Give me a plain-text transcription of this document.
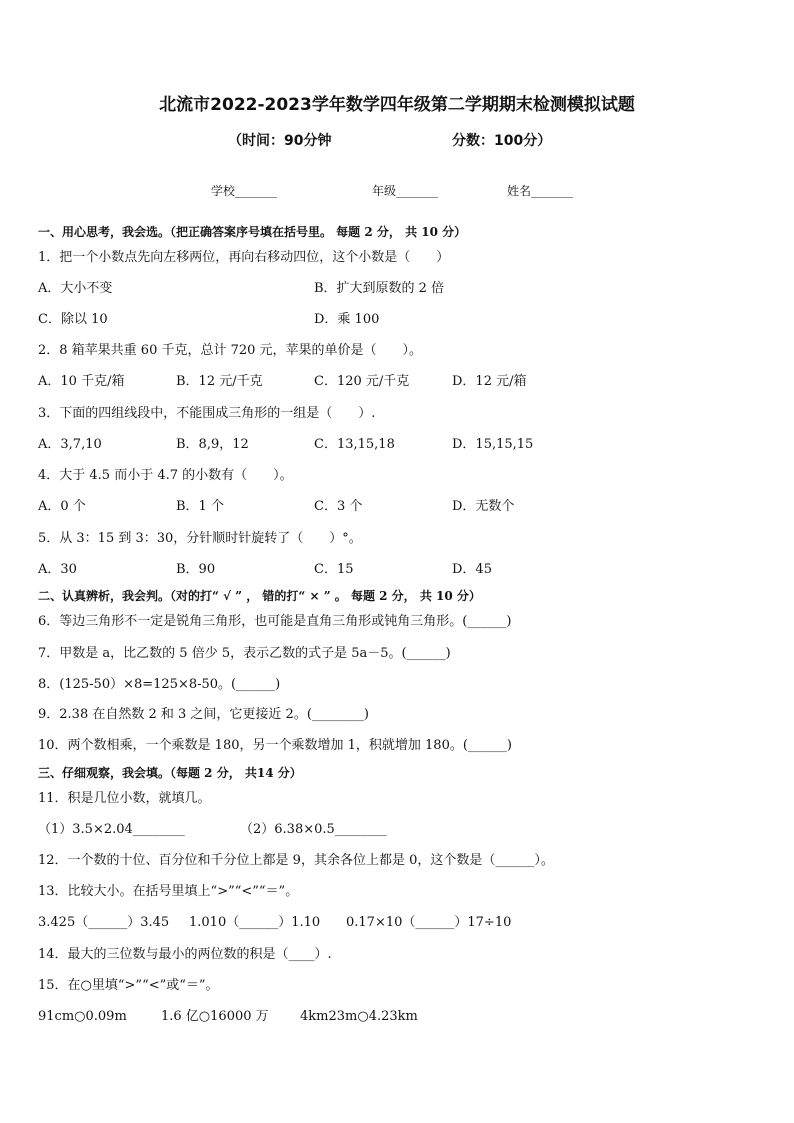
北流市2022-2023学年数学四年级第二学期期末检测模拟试题
（时间：90分钟	分数：100分）
学校_______	年级_______	姓名_______
一、用心思考，我会选。（把正确答案序号填在括号里。 每题 2 分， 共 10 分）
1．把一个小数点先向左移两位，再向右移动四位，这个小数是（　　）
A．大小不变	B．扩大到原数的 2 倍
C．除以 10	D．乘 100
2．8 箱苹果共重 60 千克，总计 720 元，苹果的单价是（　　）。
A．10 千克/箱	B．12 元/千克	C．120 元/千克	D．12 元/箱
3．下面的四组线段中，不能围成三角形的一组是（　　）.
A．3,7,10	B．8,9，12	C．13,15,18	D．15,15,15
4．大于 4.5 而小于 4.7 的小数有（　　）。
A．0 个	B．1 个	C．3 个	D．无数个
5．从 3：15 到 3：30，分针顺时针旋转了（　　）°。
A．30	B．90	C．15	D．45
二、认真辨析，我会判。（对的打“ √ ” ， 错的打“ × ” 。 每题 2 分， 共 10 分）
6．等边三角形不一定是锐角三角形，也可能是直角三角形或钝角三角形。(______)
7．甲数是 a，比乙数的 5 倍少 5，表示乙数的式子是 5a－5。(______)
8．(125-50）×8=125×8-50。(______)
9．2.38 在自然数 2 和 3 之间，它更接近 2。(________)
10．两个数相乘，一个乘数是 180，另一个乘数增加 1，积就增加 180。(______)
三、仔细观察，我会填。（每题 2 分， 共14 分）
11．积是几位小数，就填几。
（1）3.5×2.04________	（2）6.38×0.5________
12．一个数的十位、百分位和千分位上都是 9，其余各位上都是 0，这个数是（______）。
13．比较大小。在括号里填上“>”“<”“＝”。
3.425（______）3.45 1.010（______）1.10 0.17×10（______）17÷10
14．最大的三位数与最小的两位数的积是（____）.
15．在○里填“>”“<”或“＝”。
91cm○0.09m	1.6 亿○16000 万 4km23m○4.23km
